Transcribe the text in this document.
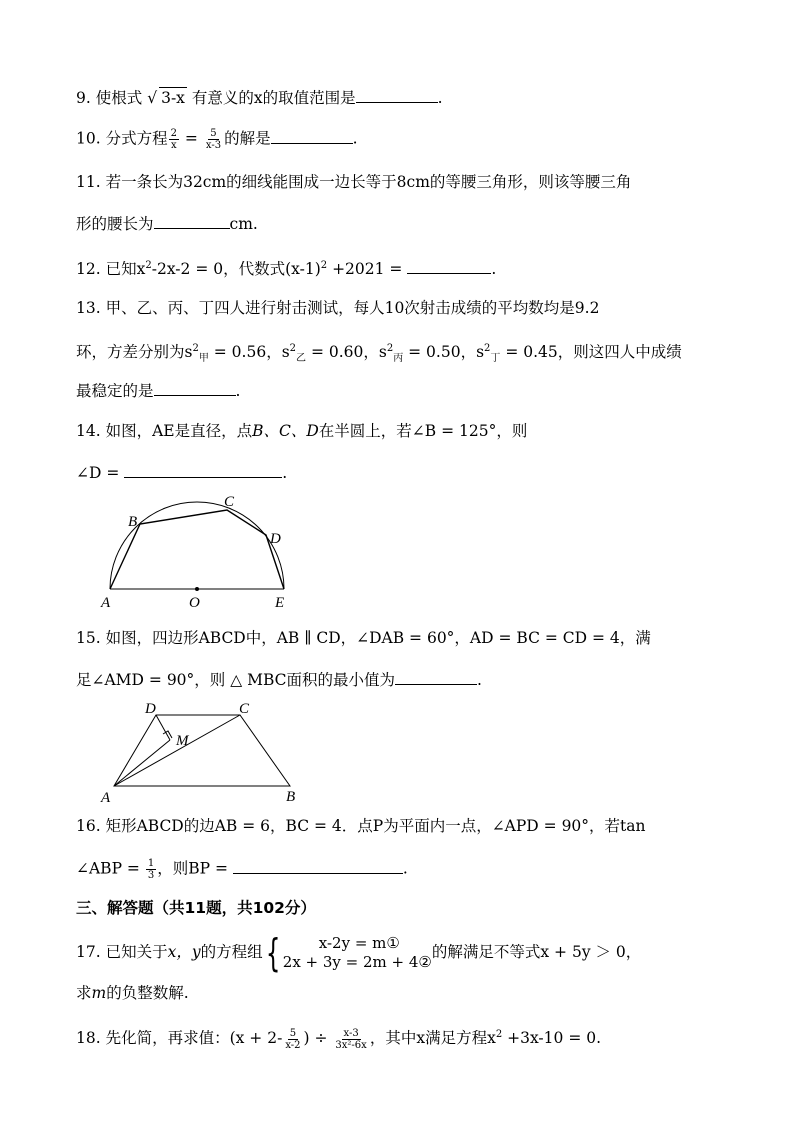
9. 使根式 √ 3-x 有意义的x的取值范围是	.
10. 分式方程 $\frac{2}{x} = \frac{5}{x-3}$ 的解是	.
11. 若一条长为32cm的细线能围成一边长等于8cm的等腰三角形，则该等腰三角
形的腰长为	cm.
12. 已知$x^2-2x-2 = 0$，代数式$(x-1)^2 +2021$ =	.
13. 甲、乙、丙、丁四人进行射击测试，每人10次射击成绩的平均数均是9.2
环，方差分别为$s^2_甲 = 0.56$，$s^2_乙 = 0.60$，$s^2_丙 = 0.50$，$s^2_丁 = 0.45$，则这四人中成绩
最稳定的是	.
14. 如图，AE是直径，点B、C、D在半圆上，若∠B = 125°，则
∠D =	.
B
C
D
A	O	E
15. 如图，四边形ABCD中，AB ∥ CD，∠DAB = 60°，AD = BC = CD = 4，满
足∠AMD = 90°，则 △ MBC面积的最小值为	.
D	C
M
A	B
16. 矩形ABCD的边AB = 6，BC = 4．点P为平面内一点，∠APD = 90°，若tan
∠ABP = $\frac{1}{3}$ ，则BP =	.
三、解答题（共11题，共102分）
17. 已知关于x，y的方程组 {	x-2y = m①
2x + 3y = 2m + 4②
的解满足不等式x + 5y ＞ 0，
求m的负整数解.
18. 先化简，再求值：($x + 2- \frac{5}{x-2}$ ) ÷ $\frac{x-3}{\text{3x²-6x}}$ ，其中x满足方程$x^2 +3x-10 = 0$.
